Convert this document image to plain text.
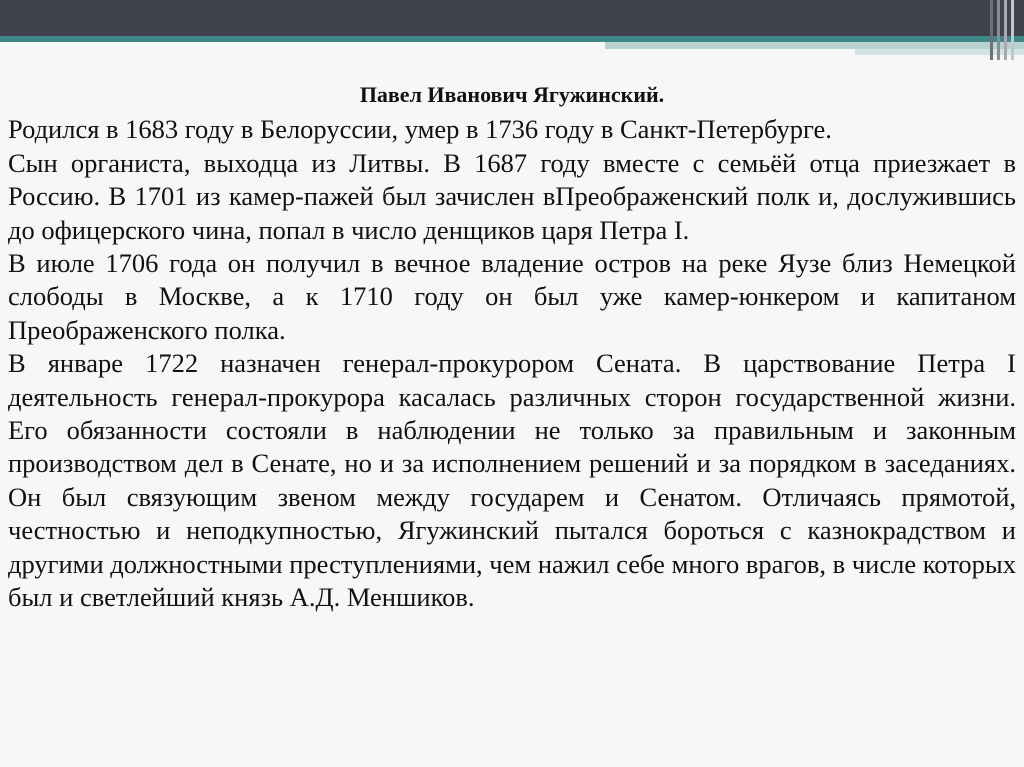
Павел Иванович Ягужинский.

Родился в 1683 году в Белоруссии, умер в 1736 году в Санкт-Петербурге.

Сын органиста, выходца из Литвы. В 1687 году вместе с семьёй отца приезжает в Россию. В 1701 из камер-пажей был зачислен вПреображенский полк и, дослужившись до офицерского чина, попал в число денщиков царя Петра I.

В июле 1706 года он получил в вечное владение остров на реке Яузе близ Немецкой слободы в Москве, а к 1710 году он был уже камер-юнкером и капитаном Преображенского полка.

В январе 1722 назначен генерал-прокурором Сената. В царствование Петра I деятельность генерал-прокурора касалась различных сторон государственной жизни. Его обязанности состояли в наблюдении не только за правильным и законным производством дел в Сенате, но и за исполнением решений и за порядком в заседаниях. Он был связующим звеном между государем и Сенатом. Отличаясь прямотой, честностью и неподкупностью, Ягужинский пытался бороться с казнокрадством и другими должностными преступлениями, чем нажил себе много врагов, в числе которых был и светлейший князь А.Д. Меншиков.
